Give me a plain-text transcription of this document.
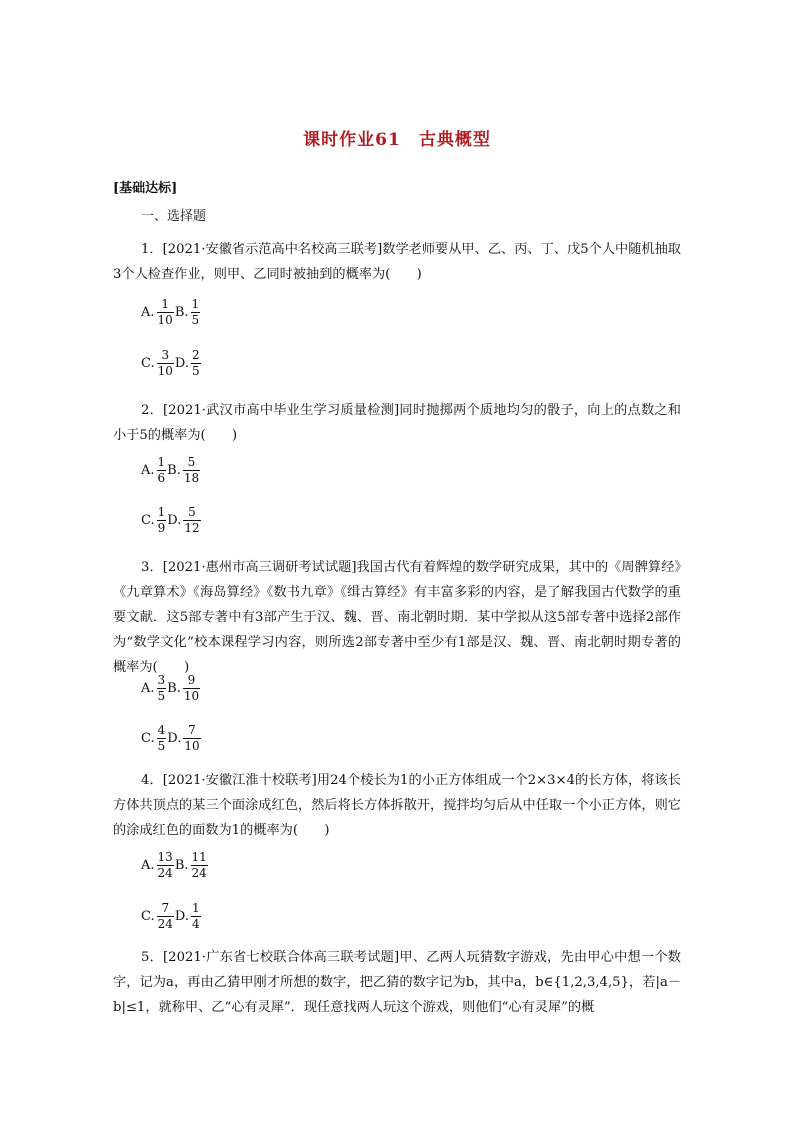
课时作业61　古典概型
[基础达标]
一、选择题
1．[2021·安徽省示范高中名校高三联考]数学老师要从甲、乙、丙、丁、戊5个人中随机抽取3个人检查作业，则甲、乙同时被抽到的概率为(　　)
A. $\frac{1}{10} B$. $\frac{1}{5}$
C. $\frac{3}{10} D$. $\frac{2}{5}$
2．[2021·武汉市高中毕业生学习质量检测]同时抛掷两个质地均匀的骰子，向上的点数之和小于5的概率为(　　)
A. $\frac{1}{6} B$. $\frac{5}{18}$
C. $\frac{1}{9} D$. $\frac{5}{12}$
3．[2021·惠州市高三调研考试试题]我国古代有着辉煌的数学研究成果，其中的《周髀算经》《九章算术》《海岛算经》《数书九章》《缉古算经》有丰富多彩的内容，是了解我国古代数学的重要文献．这5部专著中有3部产生于汉、魏、晋、南北朝时期．某中学拟从这5部专著中选择2部作为“数学文化”校本课程学习内容，则所选2部专著中至少有1部是汉、魏、晋、南北朝时期专著的概率为(　　)
A. $\frac{3}{5} B$. $\frac{9}{10}$
C. $\frac{4}{5} D$. $\frac{7}{10}$
4．[2021·安徽江淮十校联考]用24个棱长为1的小正方体组成一个2×3×4的长方体，将该长方体共顶点的某三个面涂成红色，然后将长方体拆散开，搅拌均匀后从中任取一个小正方体，则它的涂成红色的面数为1的概率为(　　)
A. $\frac{13}{24} B$. $\frac{11}{24}$
C. $\frac{7}{24} D$. $\frac{1}{4}$
5．[2021·广东省七校联合体高三联考试题]甲、乙两人玩猜数字游戏，先由甲心中想一个数字，记为a，再由乙猜甲刚才所想的数字，把乙猜的数字记为b，其中a，b∈{1,2,3,4,5}，若|a－b|≤1，就称甲、乙“心有灵犀”．现任意找两人玩这个游戏，则他们“心有灵犀”的概
